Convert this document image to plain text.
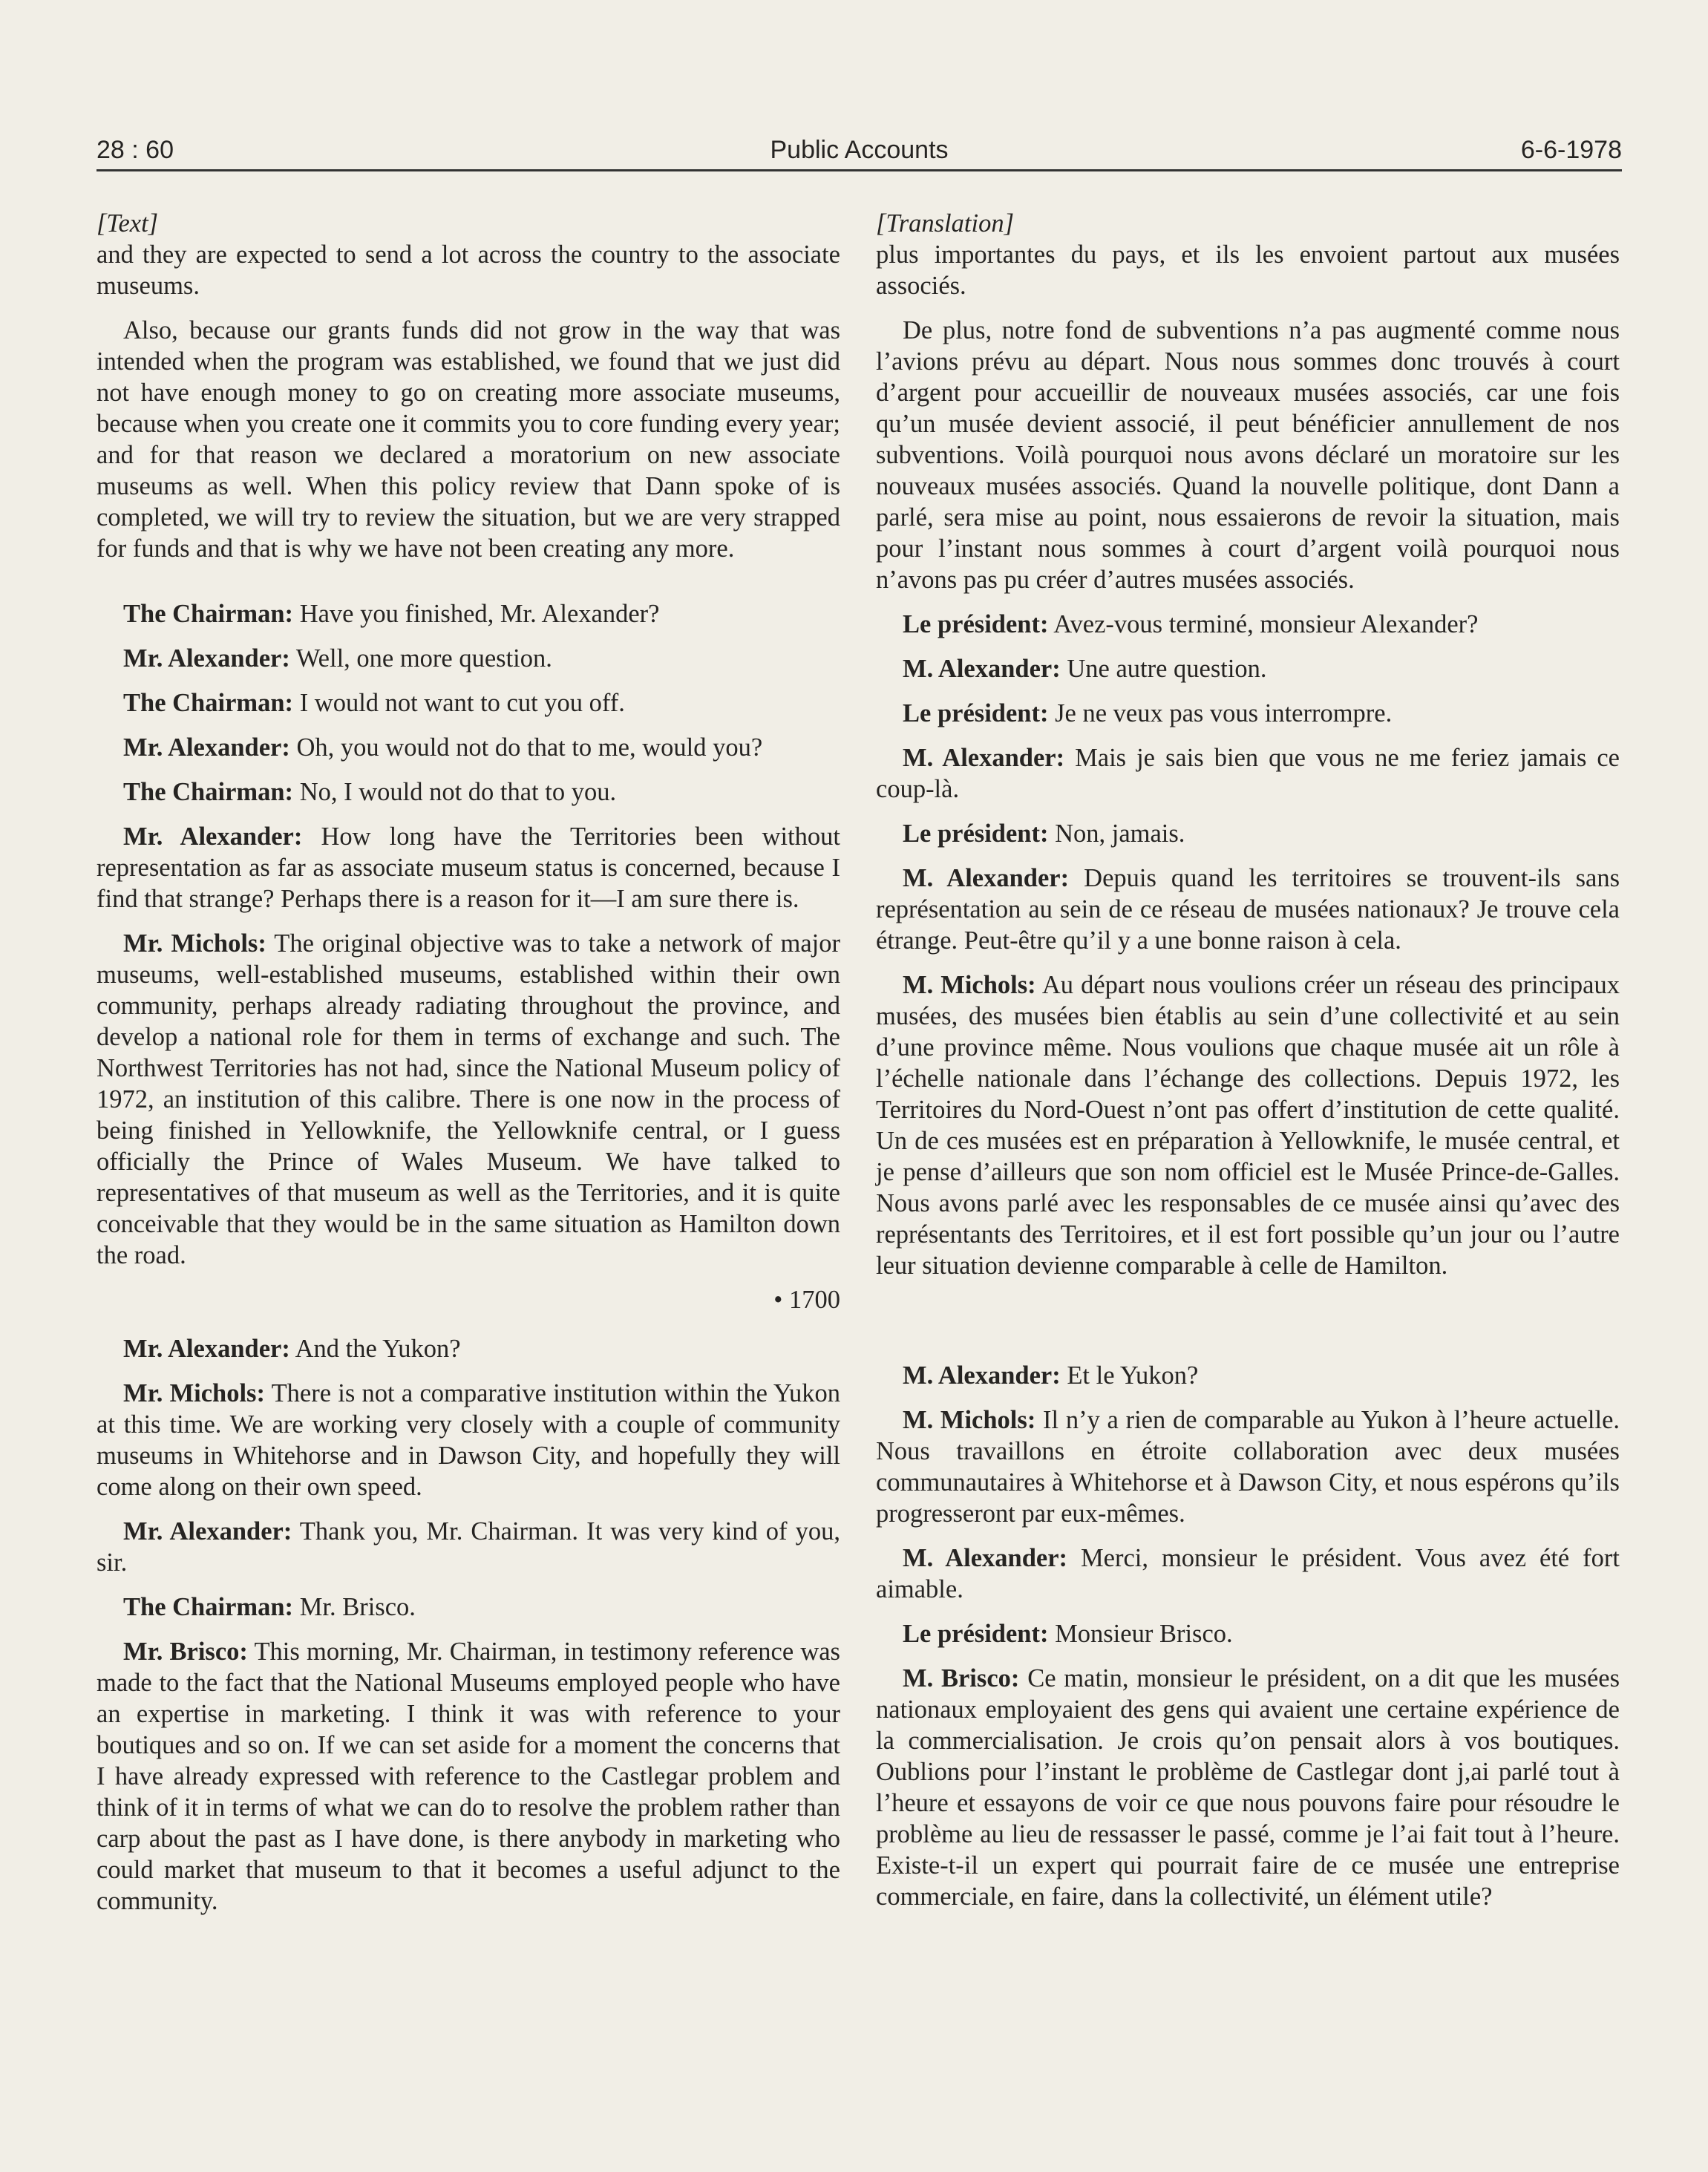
28 : 60	Public Accounts	6-6-1978

[Text]

and they are expected to send a lot across the country to the associate museums.

Also, because our grants funds did not grow in the way that was intended when the program was established, we found that we just did not have enough money to go on creating more associate museums, because when you create one it commits you to core funding every year; and for that reason we declared a moratorium on new associate museums as well. When this policy review that Dann spoke of is completed, we will try to review the situation, but we are very strapped for funds and that is why we have not been creating any more.

The Chairman: Have you finished, Mr. Alexander?

Mr. Alexander: Well, one more question.

The Chairman: I would not want to cut you off.

Mr. Alexander: Oh, you would not do that to me, would you?

The Chairman: No, I would not do that to you.

Mr. Alexander: How long have the Territories been without representation as far as associate museum status is concerned, because I find that strange? Perhaps there is a reason for it—I am sure there is.

Mr. Michols: The original objective was to take a network of major museums, well-established museums, established within their own community, perhaps already radiating throughout the province, and develop a national role for them in terms of exchange and such. The Northwest Territories has not had, since the National Museum policy of 1972, an institution of this calibre. There is one now in the process of being finished in Yellowknife, the Yellowknife central, or I guess officially the Prince of Wales Museum. We have talked to representatives of that museum as well as the Territories, and it is quite conceivable that they would be in the same situation as Hamilton down the road.

• 1700

Mr. Alexander: And the Yukon?

Mr. Michols: There is not a comparative institution within the Yukon at this time. We are working very closely with a couple of community museums in Whitehorse and in Dawson City, and hopefully they will come along on their own speed.

Mr. Alexander: Thank you, Mr. Chairman. It was very kind of you, sir.

The Chairman: Mr. Brisco.

Mr. Brisco: This morning, Mr. Chairman, in testimony reference was made to the fact that the National Museums employed people who have an expertise in marketing. I think it was with reference to your boutiques and so on. If we can set aside for a moment the concerns that I have already expressed with reference to the Castlegar problem and think of it in terms of what we can do to resolve the problem rather than carp about the past as I have done, is there anybody in marketing who could market that museum to that it becomes a useful adjunct to the community.

[Translation]

plus importantes du pays, et ils les envoient partout aux musées associés.

De plus, notre fond de subventions n’a pas augmenté comme nous l’avions prévu au départ. Nous nous sommes donc trouvés à court d’argent pour accueillir de nouveaux musées associés, car une fois qu’un musée devient associé, il peut bénéficier annullement de nos subventions. Voilà pourquoi nous avons déclaré un moratoire sur les nouveaux musées associés. Quand la nouvelle politique, dont Dann a parlé, sera mise au point, nous essaierons de revoir la situation, mais pour l’instant nous sommes à court d’argent voilà pourquoi nous n’avons pas pu créer d’autres musées associés.

Le président: Avez-vous terminé, monsieur Alexander?

M. Alexander: Une autre question.

Le président: Je ne veux pas vous interrompre.

M. Alexander: Mais je sais bien que vous ne me feriez jamais ce coup-là.

Le président: Non, jamais.

M. Alexander: Depuis quand les territoires se trouvent-ils sans représentation au sein de ce réseau de musées nationaux? Je trouve cela étrange. Peut-être qu’il y a une bonne raison à cela.

M. Michols: Au départ nous voulions créer un réseau des principaux musées, des musées bien établis au sein d’une collectivité et au sein d’une province même. Nous voulions que chaque musée ait un rôle à l’échelle nationale dans l’échange des collections. Depuis 1972, les Territoires du Nord-Ouest n’ont pas offert d’institution de cette qualité. Un de ces musées est en préparation à Yellowknife, le musée central, et je pense d’ailleurs que son nom officiel est le Musée Prince-de-Galles. Nous avons parlé avec les responsables de ce musée ainsi qu’avec des représentants des Territoires, et il est fort possible qu’un jour ou l’autre leur situation devienne comparable à celle de Hamilton.

M. Alexander: Et le Yukon?

M. Michols: Il n’y a rien de comparable au Yukon à l’heure actuelle. Nous travaillons en étroite collaboration avec deux musées communautaires à Whitehorse et à Dawson City, et nous espérons qu’ils progresseront par eux-mêmes.

M. Alexander: Merci, monsieur le président. Vous avez été fort aimable.

Le président: Monsieur Brisco.

M. Brisco: Ce matin, monsieur le président, on a dit que les musées nationaux employaient des gens qui avaient une certaine expérience de la commercialisation. Je crois qu’on pensait alors à vos boutiques. Oublions pour l’instant le problème de Castlegar dont j,ai parlé tout à l’heure et essayons de voir ce que nous pouvons faire pour résoudre le problème au lieu de ressasser le passé, comme je l’ai fait tout à l’heure. Existe-t-il un expert qui pourrait faire de ce musée une entreprise commerciale, en faire, dans la collectivité, un élément utile?
